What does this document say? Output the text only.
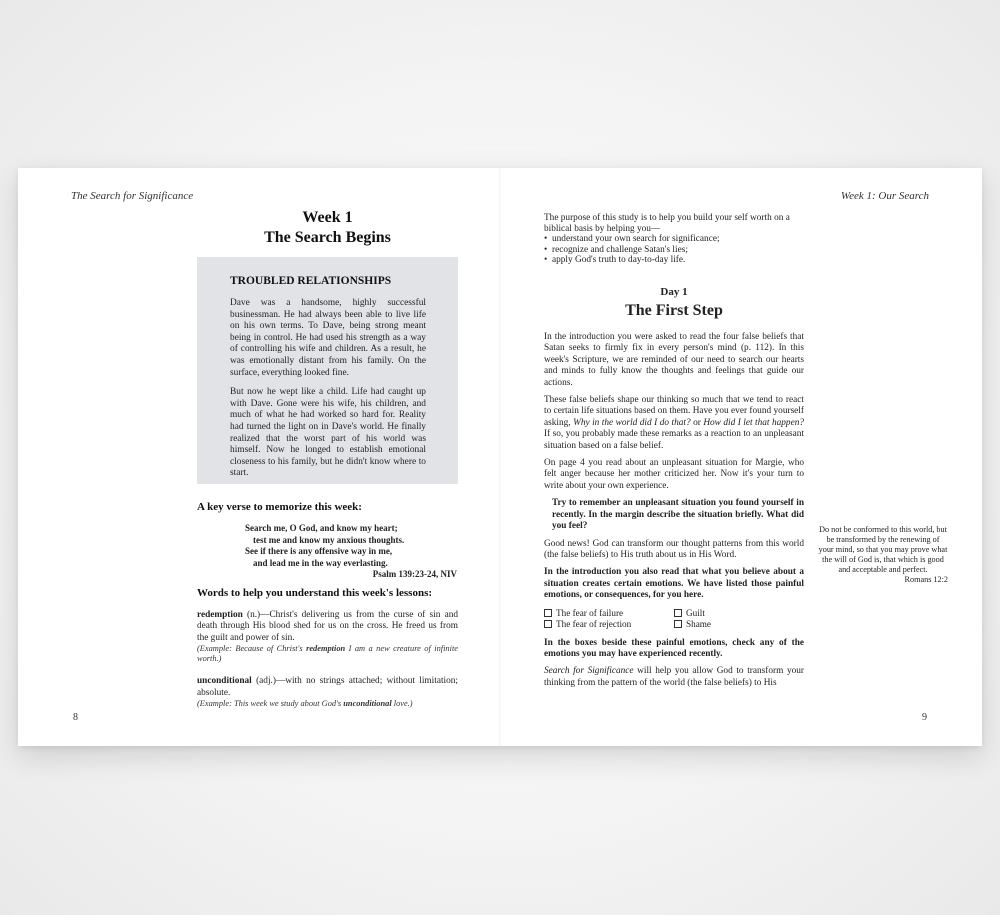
The Search for Significance
Week 1
The Search Begins
TROUBLED RELATIONSHIPS

Dave was a handsome, highly successful businessman. He had always been able to live life on his own terms. To Dave, being strong meant being in control. He had used his strength as a way of controlling his wife and children. As a result, he was emotionally distant from his family. On the surface, everything looked fine.

But now he wept like a child. Life had caught up with Dave. Gone were his wife, his children, and much of what he had worked so hard for. Reality had turned the light on in Dave's world. He finally realized that the worst part of his world was himself. Now he longed to establish emotional closeness to his family, but he didn't know where to start.

A key verse to memorize this week:
Search me, O God, and know my heart;
test me and know my anxious thoughts.
See if there is any offensive way in me,
and lead me in the way everlasting.
Psalm 139:23-24, NIV
Words to help you understand this week's lessons:
redemption (n.)—Christ's delivering us from the curse of sin and death through His blood shed for us on the cross. He freed us from the guilt and power of sin.
(Example: Because of Christ's redemption I am a new creature of infinite worth.)
unconditional (adj.)—with no strings attached; without limitation; absolute.
(Example: This week we study about God's unconditional love.)
8
Week 1: Our Search
The purpose of this study is to help you build your self worth on a biblical basis by helping you—
• understand your own search for significance;
• recognize and challenge Satan's lies;
• apply God's truth to day-to-day life.
Day 1
The First Step

In the introduction you were asked to read the four false beliefs that Satan seeks to firmly fix in every person's mind (p. 112). In this week's Scripture, we are reminded of our need to search our hearts and minds to fully know the thoughts and feelings that guide our actions.

These false beliefs shape our thinking so much that we tend to react to certain life situations based on them. Have you ever found yourself asking, Why in the world did I do that? or How did I let that happen? If so, you probably made these remarks as a reaction to an unpleasant situation based on a false belief.

On page 4 you read about an unpleasant situation for Margie, who felt anger because her mother criticized her. Now it's your turn to write about your own experience.

Try to remember an unpleasant situation you found yourself in recently. In the margin describe the situation briefly. What did you feel?

Good news! God can transform our thought patterns from this world (the false beliefs) to His truth about us in His Word.

In the introduction you also read that what you believe about a situation creates certain emotions. We have listed those painful emotions, or consequences, for you here.

The fear of failure	Guilt
The fear of rejection	Shame

In the boxes beside these painful emotions, check any of the emotions you may have experienced recently.

Search for Significance will help you allow God to transform your thinking from the pattern of the world (the false beliefs) to His

Do not be conformed to this world, but be transformed by the renewing of your mind, so that you may prove what the will of God is, that which is good and acceptable and perfect.
Romans 12:2
9
